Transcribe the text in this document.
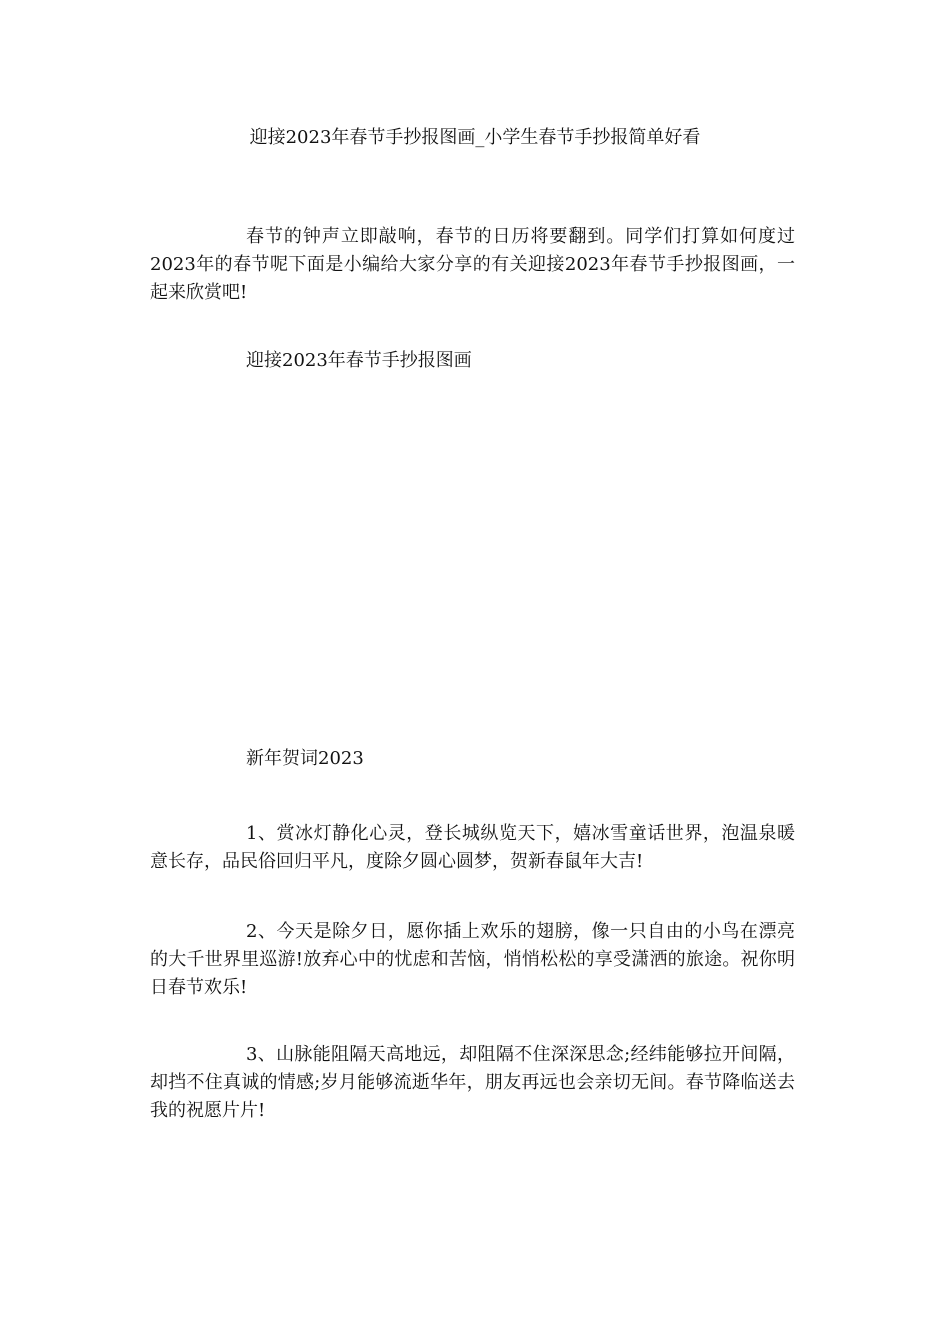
迎接2023年春节手抄报图画_小学生春节手抄报简单好看

春节的钟声立即敲响，春节的日历将要翻到。同学们打算如何度过2023年的春节呢下面是小编给大家分享的有关迎接2023年春节手抄报图画，一起来欣赏吧!

迎接2023年春节手抄报图画
新年贺词2023

1、赏冰灯静化心灵，登长城纵览天下，嬉冰雪童话世界，泡温泉暖意长存，品民俗回归平凡，度除夕圆心圆梦，贺新春鼠年大吉!

2、今天是除夕日，愿你插上欢乐的翅膀，像一只自由的小鸟在漂亮的大千世界里巡游!放弃心中的忧虑和苦恼，悄悄松松的享受潇洒的旅途。祝你明日春节欢乐!

3、山脉能阻隔天高地远，却阻隔不住深深思念;经纬能够拉开间隔，却挡不住真诚的情感;岁月能够流逝华年，朋友再远也会亲切无间。春节降临送去我的祝愿片片!
